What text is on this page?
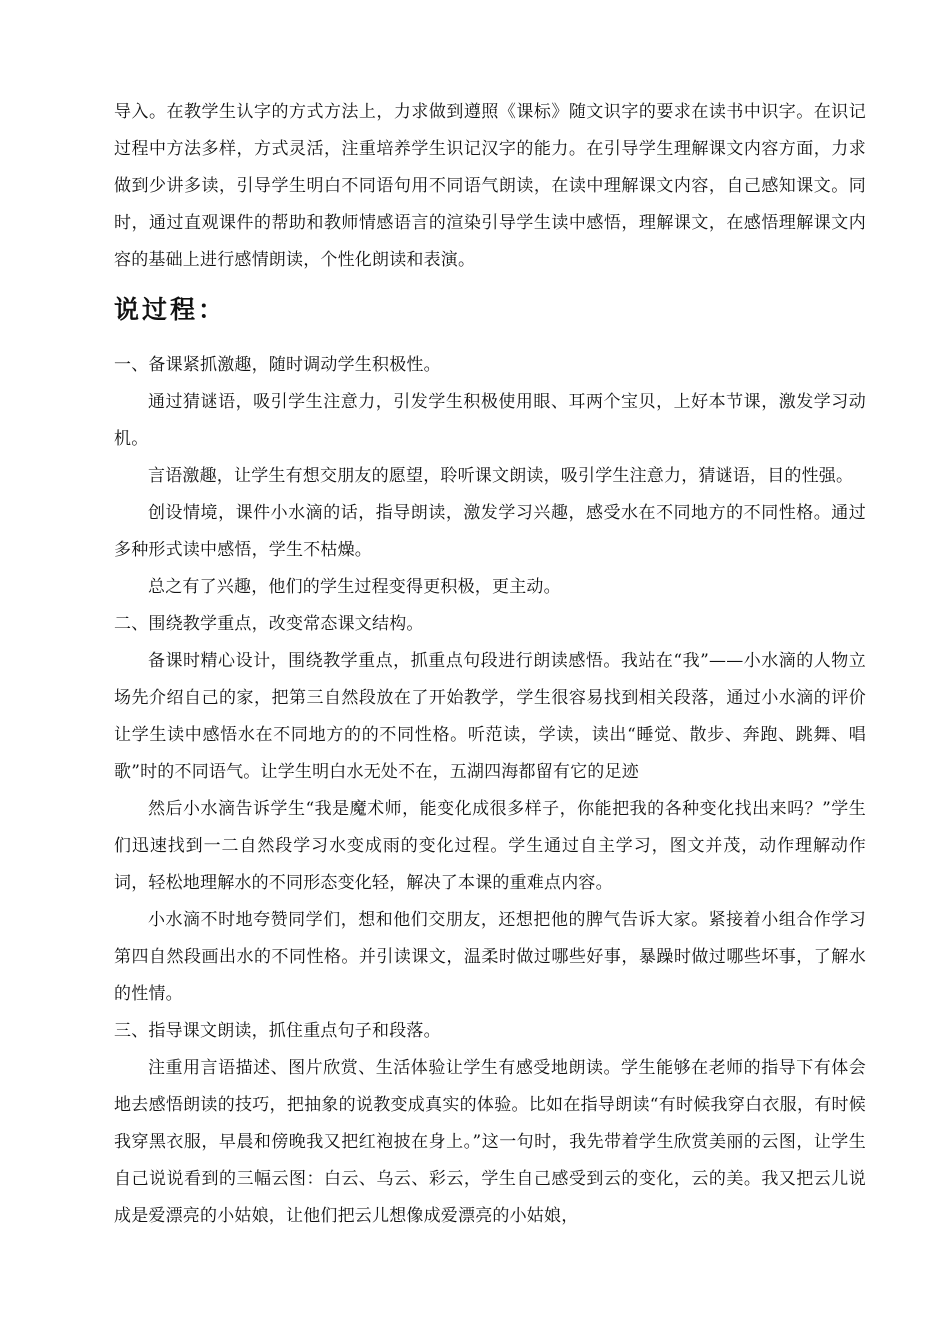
导入。在教学生认字的方式方法上，力求做到遵照《课标》随文识字的要求在读书中识字。在识记过程中方法多样，方式灵活，注重培养学生识记汉字的能力。在引导学生理解课文内容方面，力求做到少讲多读，引导学生明白不同语句用不同语气朗读，在读中理解课文内容，自己感知课文。同时，通过直观课件的帮助和教师情感语言的渲染引导学生读中感悟，理解课文，在感悟理解课文内容的基础上进行感情朗读，个性化朗读和表演。

说过程：

一、备课紧抓激趣，随时调动学生积极性。

通过猜谜语，吸引学生注意力，引发学生积极使用眼、耳两个宝贝，上好本节课，激发学习动机。

言语激趣，让学生有想交朋友的愿望，聆听课文朗读，吸引学生注意力，猜谜语，目的性强。

创设情境，课件小水滴的话，指导朗读，激发学习兴趣，感受水在不同地方的不同性格。通过多种形式读中感悟，学生不枯燥。

总之有了兴趣，他们的学生过程变得更积极，更主动。

二、围绕教学重点，改变常态课文结构。

备课时精心设计，围绕教学重点，抓重点句段进行朗读感悟。我站在“我”——小水滴的人物立场先介绍自己的家，把第三自然段放在了开始教学，学生很容易找到相关段落，通过小水滴的评价让学生读中感悟水在不同地方的的不同性格。听范读，学读，读出“睡觉、散步、奔跑、跳舞、唱歌”时的不同语气。让学生明白水无处不在，五湖四海都留有它的足迹

然后小水滴告诉学生“我是魔术师，能变化成很多样子，你能把我的各种变化找出来吗？”学生们迅速找到一二自然段学习水变成雨的变化过程。学生通过自主学习，图文并茂，动作理解动作词，轻松地理解水的不同形态变化轻，解决了本课的重难点内容。

小水滴不时地夸赞同学们，想和他们交朋友，还想把他的脾气告诉大家。紧接着小组合作学习第四自然段画出水的不同性格。并引读课文，温柔时做过哪些好事，暴躁时做过哪些坏事，了解水的性情。

三、指导课文朗读，抓住重点句子和段落。

注重用言语描述、图片欣赏、生活体验让学生有感受地朗读。学生能够在老师的指导下有体会地去感悟朗读的技巧，把抽象的说教变成真实的体验。比如在指导朗读“有时候我穿白衣服，有时候我穿黑衣服，早晨和傍晚我又把红袍披在身上。”这一句时，我先带着学生欣赏美丽的云图，让学生自己说说看到的三幅云图：白云、乌云、彩云，学生自己感受到云的变化，云的美。我又把云儿说成是爱漂亮的小姑娘，让他们把云儿想像成爱漂亮的小姑娘，
